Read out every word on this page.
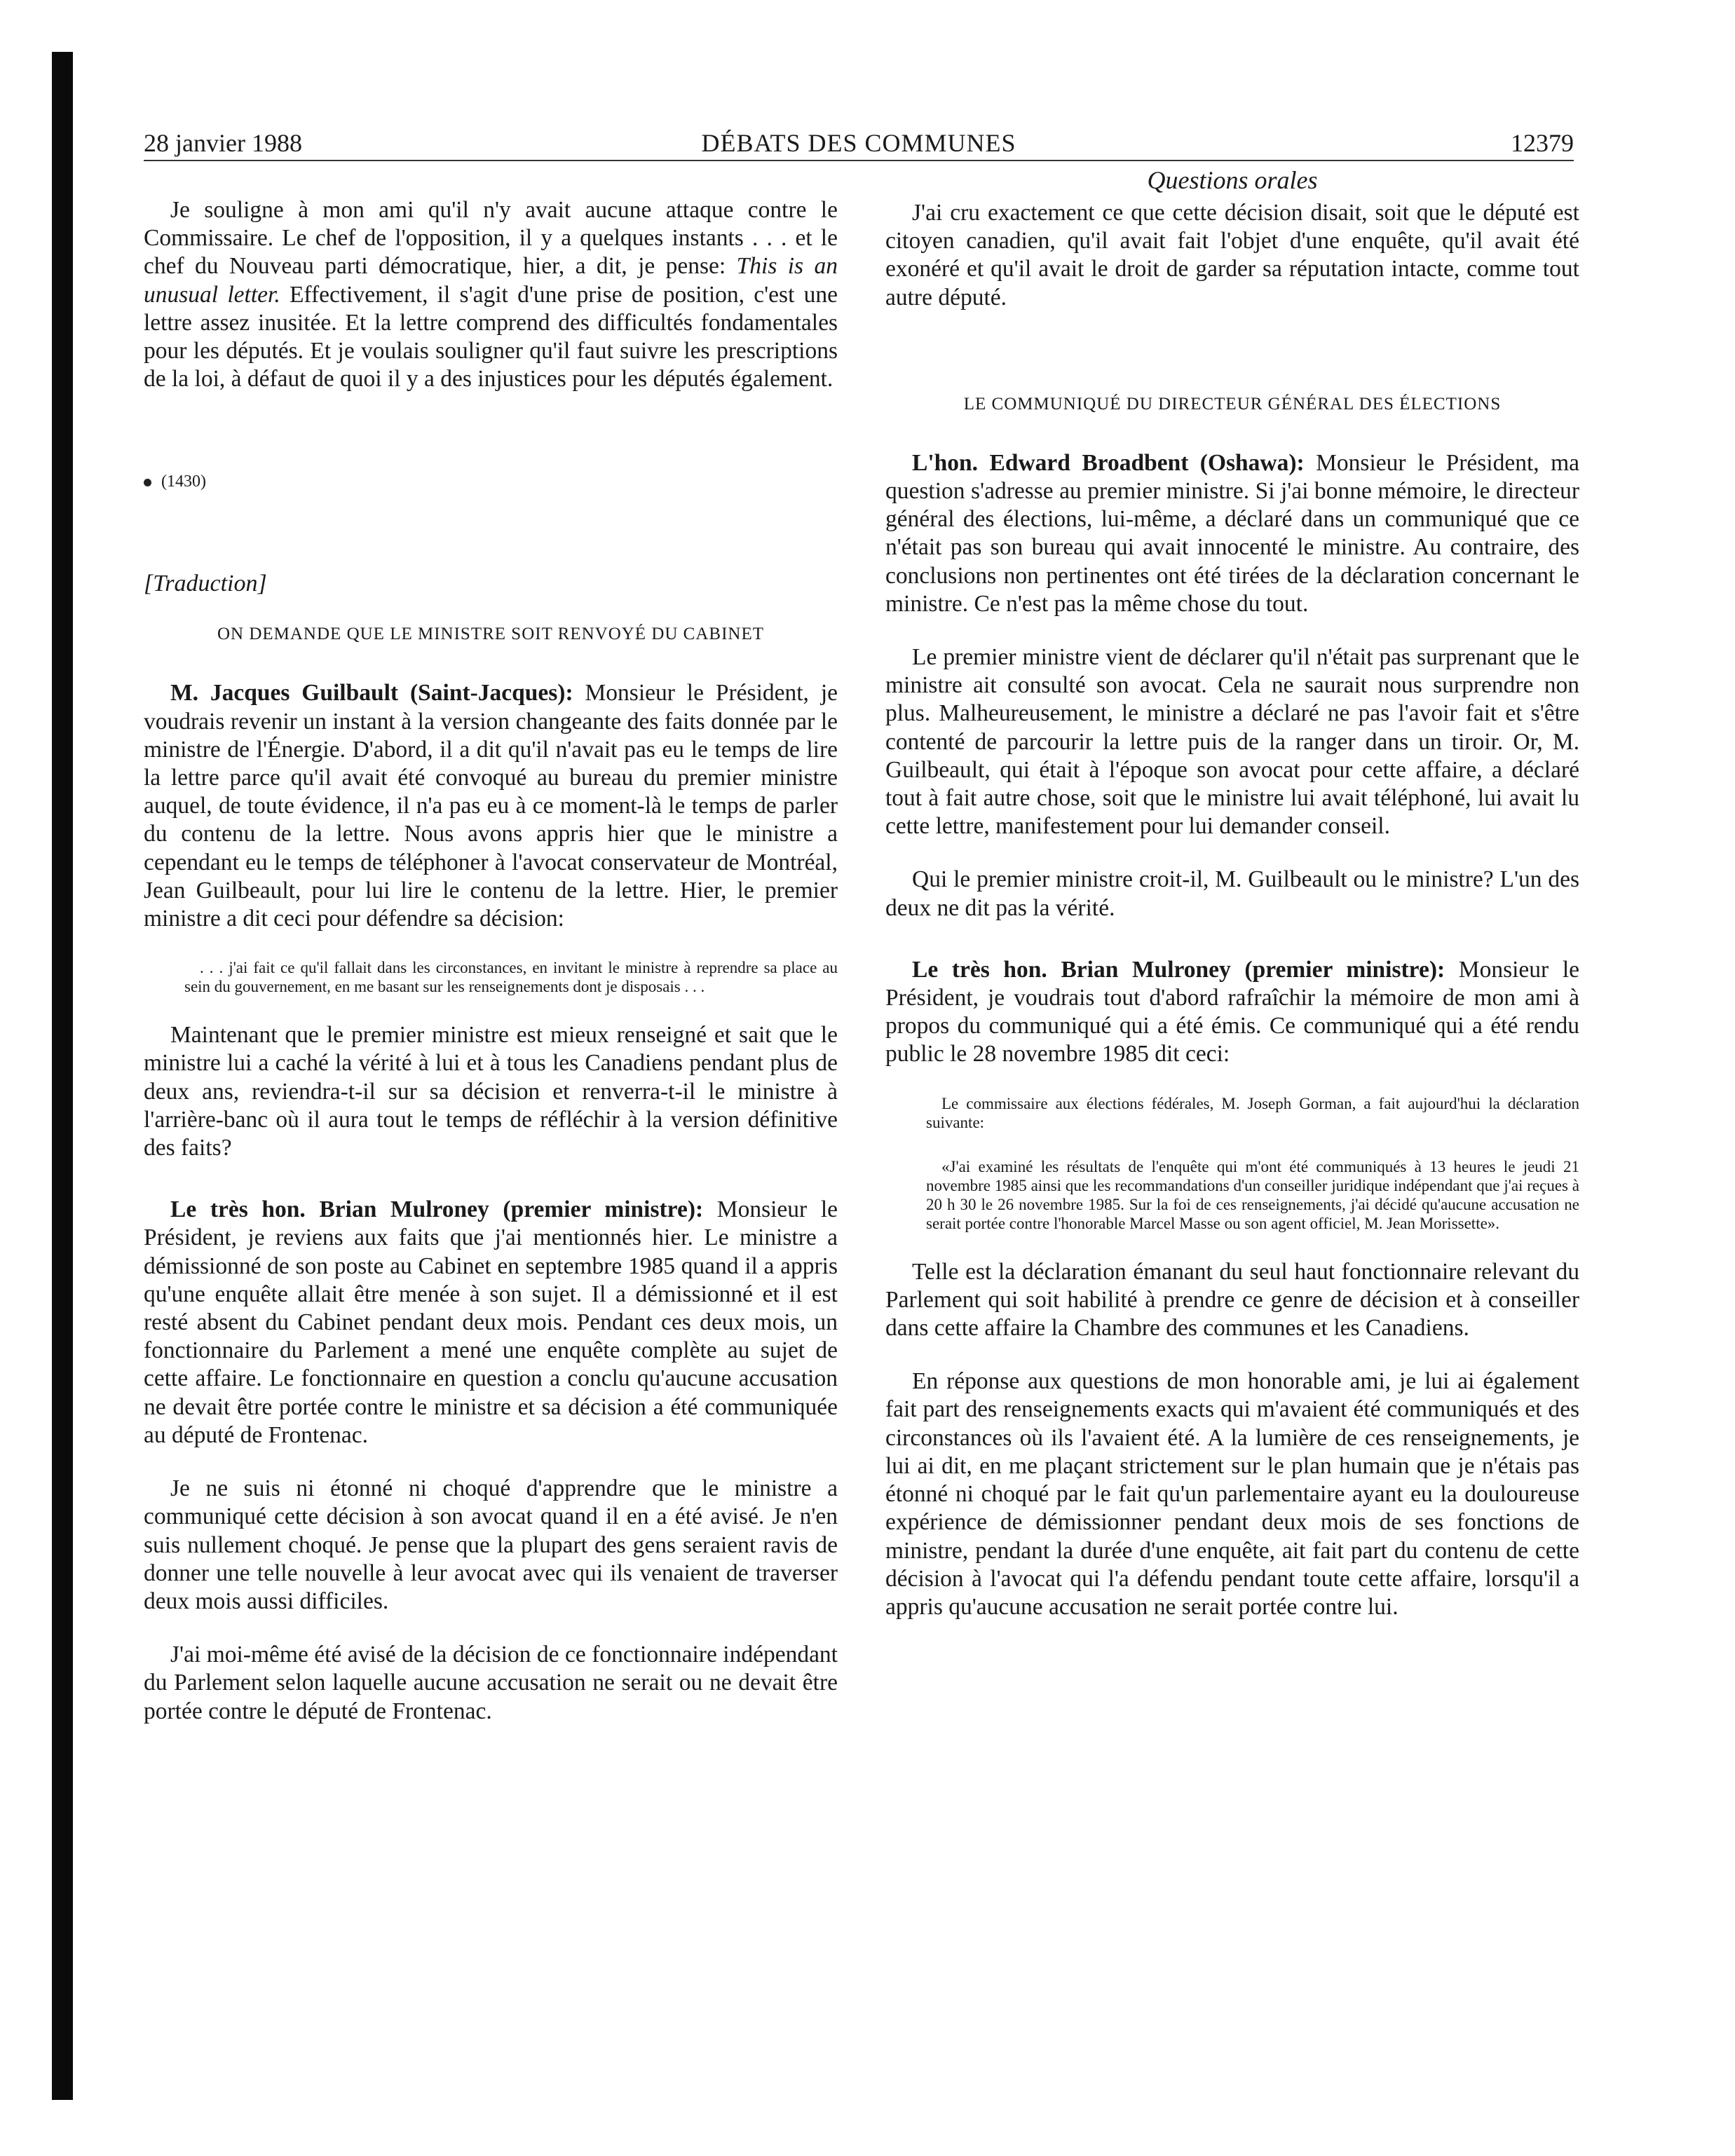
28 janvier 1988	DÉBATS DES COMMUNES	12379

Je souligne à mon ami qu'il n'y avait aucune attaque contre le Commissaire. Le chef de l'opposition, il y a quelques instants . . . et le chef du Nouveau parti démocratique, hier, a dit, je pense: This is an unusual letter. Effectivement, il s'agit d'une prise de position, c'est une lettre assez inusitée. Et la lettre comprend des difficultés fondamentales pour les députés. Et je voulais souligner qu'il faut suivre les prescriptions de la loi, à défaut de quoi il y a des injustices pour les députés également.

(1430)

[Traduction]

ON DEMANDE QUE LE MINISTRE SOIT RENVOYÉ DU CABINET

M. Jacques Guilbault (Saint-Jacques): Monsieur le Président, je voudrais revenir un instant à la version changeante des faits donnée par le ministre de l'Énergie. D'abord, il a dit qu'il n'avait pas eu le temps de lire la lettre parce qu'il avait été convoqué au bureau du premier ministre auquel, de toute évidence, il n'a pas eu à ce moment-là le temps de parler du contenu de la lettre. Nous avons appris hier que le ministre a cependant eu le temps de téléphoner à l'avocat conservateur de Montréal, Jean Guilbeault, pour lui lire le contenu de la lettre. Hier, le premier ministre a dit ceci pour défendre sa décision:

. . . j'ai fait ce qu'il fallait dans les circonstances, en invitant le ministre à reprendre sa place au sein du gouvernement, en me basant sur les renseignements dont je disposais . . .

Maintenant que le premier ministre est mieux renseigné et sait que le ministre lui a caché la vérité à lui et à tous les Canadiens pendant plus de deux ans, reviendra-t-il sur sa décision et renverra-t-il le ministre à l'arrière-banc où il aura tout le temps de réfléchir à la version définitive des faits?

Le très hon. Brian Mulroney (premier ministre): Monsieur le Président, je reviens aux faits que j'ai mentionnés hier. Le ministre a démissionné de son poste au Cabinet en septembre 1985 quand il a appris qu'une enquête allait être menée à son sujet. Il a démissionné et il est resté absent du Cabinet pendant deux mois. Pendant ces deux mois, un fonctionnaire du Parlement a mené une enquête complète au sujet de cette affaire. Le fonctionnaire en question a conclu qu'aucune accusation ne devait être portée contre le ministre et sa décision a été communiquée au député de Frontenac.

Je ne suis ni étonné ni choqué d'apprendre que le ministre a communiqué cette décision à son avocat quand il en a été avisé. Je n'en suis nullement choqué. Je pense que la plupart des gens seraient ravis de donner une telle nouvelle à leur avocat avec qui ils venaient de traverser deux mois aussi difficiles.

J'ai moi-même été avisé de la décision de ce fonctionnaire indépendant du Parlement selon laquelle aucune accusation ne serait ou ne devait être portée contre le député de Frontenac.

Questions orales

J'ai cru exactement ce que cette décision disait, soit que le député est citoyen canadien, qu'il avait fait l'objet d'une enquête, qu'il avait été exonéré et qu'il avait le droit de garder sa réputation intacte, comme tout autre député.

LE COMMUNIQUÉ DU DIRECTEUR GÉNÉRAL DES ÉLECTIONS

L'hon. Edward Broadbent (Oshawa): Monsieur le Président, ma question s'adresse au premier ministre. Si j'ai bonne mémoire, le directeur général des élections, lui-même, a déclaré dans un communiqué que ce n'était pas son bureau qui avait innocenté le ministre. Au contraire, des conclusions non pertinentes ont été tirées de la déclaration concernant le ministre. Ce n'est pas la même chose du tout.

Le premier ministre vient de déclarer qu'il n'était pas surprenant que le ministre ait consulté son avocat. Cela ne saurait nous surprendre non plus. Malheureusement, le ministre a déclaré ne pas l'avoir fait et s'être contenté de parcourir la lettre puis de la ranger dans un tiroir. Or, M. Guilbeault, qui était à l'époque son avocat pour cette affaire, a déclaré tout à fait autre chose, soit que le ministre lui avait téléphoné, lui avait lu cette lettre, manifestement pour lui demander conseil.

Qui le premier ministre croit-il, M. Guilbeault ou le ministre? L'un des deux ne dit pas la vérité.

Le très hon. Brian Mulroney (premier ministre): Monsieur le Président, je voudrais tout d'abord rafraîchir la mémoire de mon ami à propos du communiqué qui a été émis. Ce communiqué qui a été rendu public le 28 novembre 1985 dit ceci:

Le commissaire aux élections fédérales, M. Joseph Gorman, a fait aujourd'hui la déclaration suivante:

«J'ai examiné les résultats de l'enquête qui m'ont été communiqués à 13 heures le jeudi 21 novembre 1985 ainsi que les recommandations d'un conseiller juridique indépendant que j'ai reçues à 20 h 30 le 26 novembre 1985. Sur la foi de ces renseignements, j'ai décidé qu'aucune accusation ne serait portée contre l'honorable Marcel Masse ou son agent officiel, M. Jean Morissette».

Telle est la déclaration émanant du seul haut fonctionnaire relevant du Parlement qui soit habilité à prendre ce genre de décision et à conseiller dans cette affaire la Chambre des communes et les Canadiens.

En réponse aux questions de mon honorable ami, je lui ai également fait part des renseignements exacts qui m'avaient été communiqués et des circonstances où ils l'avaient été. A la lumière de ces renseignements, je lui ai dit, en me plaçant strictement sur le plan humain que je n'étais pas étonné ni choqué par le fait qu'un parlementaire ayant eu la douloureuse expérience de démissionner pendant deux mois de ses fonctions de ministre, pendant la durée d'une enquête, ait fait part du contenu de cette décision à l'avocat qui l'a défendu pendant toute cette affaire, lorsqu'il a appris qu'aucune accusation ne serait portée contre lui.
